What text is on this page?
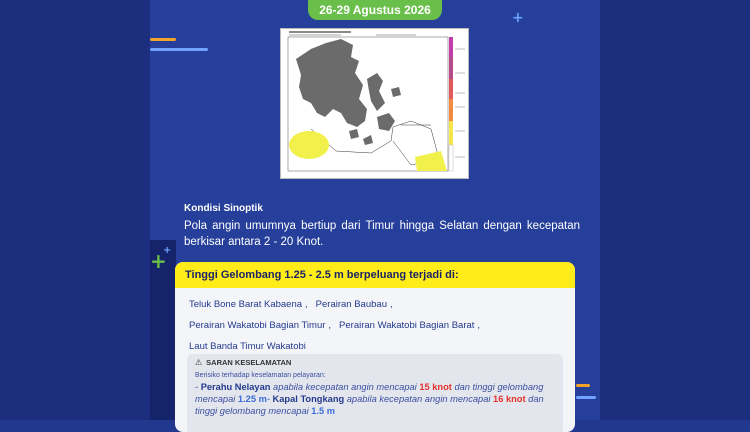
+
+
+
26-29 Agustus 2026
Kondisi Sinoptik
Pola angin umumnya bertiup dari Timur hingga Selatan dengan kecepatan berkisar antara 2 - 20 Knot.
Tinggi Gelombang 1.25 - 2.5 m berpeluang terjadi di:
Teluk Bone Barat Kabaena , Perairan Baubau ,
Perairan Wakatobi Bagian Timur , Perairan Wakatobi Bagian Barat ,
Laut Banda Timur Wakatobi
⚠ SARAN KESELAMATAN
Berisiko terhadap keselamatan pelayaran:
- Perahu Nelayan apabila kecepatan angin mencapai 15 knot dan tinggi gelombang mencapai 1.25 m- Kapal Tongkang apabila kecepatan angin mencapai 16 knot dan tinggi gelombang mencapai 1.5 m
